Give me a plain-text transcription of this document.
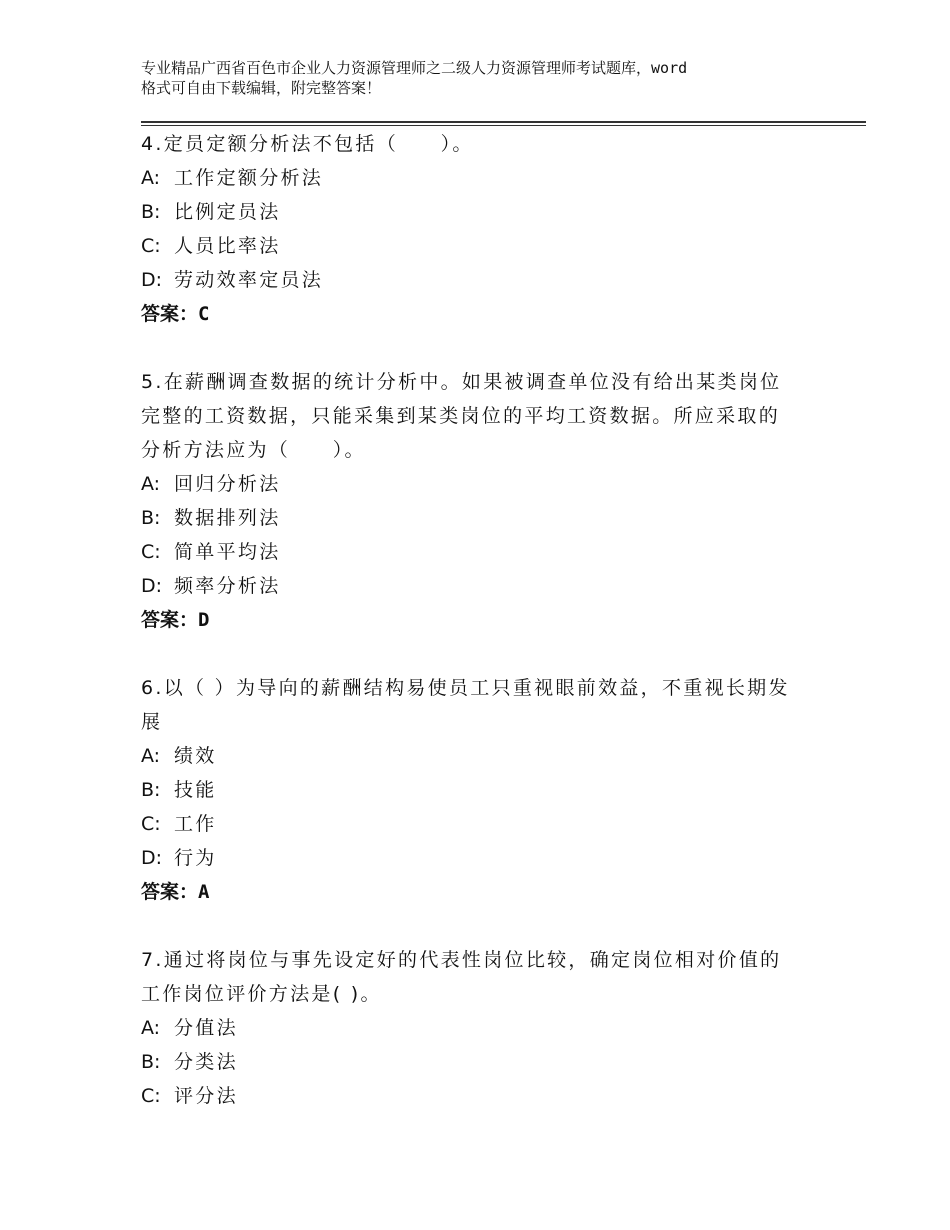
专业精品广西省百色市企业人力资源管理师之二级人力资源管理师考试题库，word
格式可自由下载编辑，附完整答案！
4.定员定额分析法不包括（　　）。
A: 工作定额分析法
B: 比例定员法
C: 人员比率法
D: 劳动效率定员法
答案：C
5.在薪酬调查数据的统计分析中。如果被调查单位没有给出某类岗位
完整的工资数据，只能采集到某类岗位的平均工资数据。所应采取的
分析方法应为（　　）。
A: 回归分析法
B: 数据排列法
C: 简单平均法
D: 频率分析法
答案：D
6.以（ ）为导向的薪酬结构易使员工只重视眼前效益，不重视长期发
展
A: 绩效
B: 技能
C: 工作
D: 行为
答案：A
7.通过将岗位与事先设定好的代表性岗位比较，确定岗位相对价值的
工作岗位评价方法是( )。
A: 分值法
B: 分类法
C: 评分法
